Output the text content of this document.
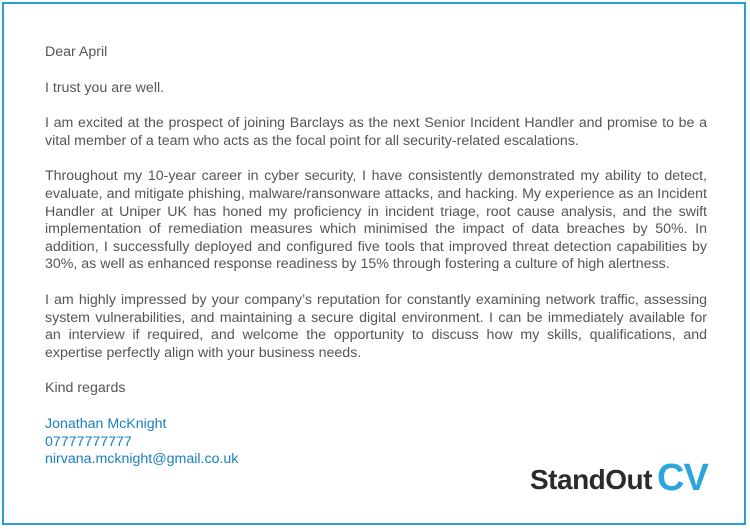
Dear April

I trust you are well.

I am excited at the prospect of joining Barclays as the next Senior Incident Handler and promise to be a vital member of a team who acts as the focal point for all security-related escalations.

Throughout my 10-year career in cyber security, I have consistently demonstrated my ability to detect, evaluate, and mitigate phishing, malware/ransonware attacks, and hacking. My experience as an Incident Handler at Uniper UK has honed my proficiency in incident triage, root cause analysis, and the swift implementation of remediation measures which minimised the impact of data breaches by 50%. In addition, I successfully deployed and configured five tools that improved threat detection capabilities by 30%, as well as enhanced response readiness by 15% through fostering a culture of high alertness.

I am highly impressed by your company’s reputation for constantly examining network traffic, assessing system vulnerabilities, and maintaining a secure digital environment. I can be immediately available for an interview if required, and welcome the opportunity to discuss how my skills, qualifications, and expertise perfectly align with your business needs.

Kind regards

Jonathan McKnight

07777777777

nirvana.mcknight@gmail.co.uk

StandOut CV
